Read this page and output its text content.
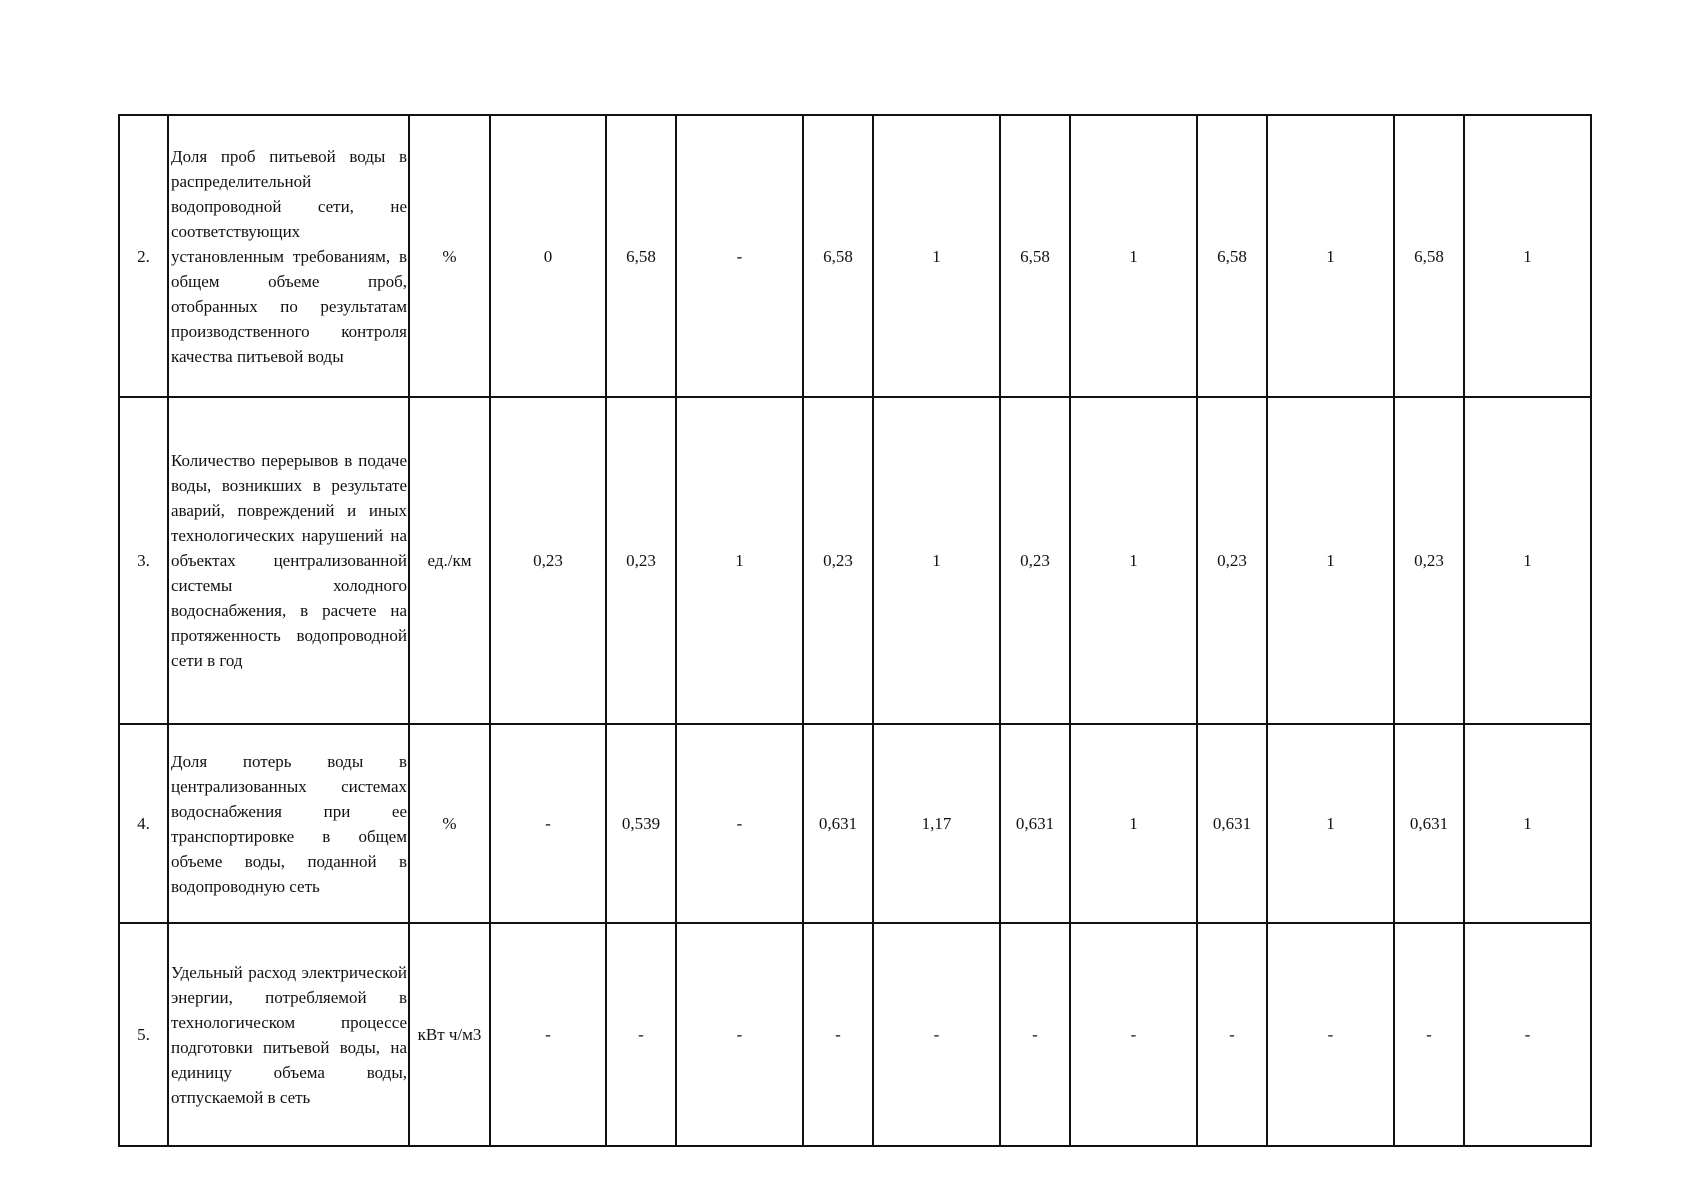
2.	Доля проб питьевой воды в распределительной водопроводной сети, не соответствующих установленным требованиям, в общем объеме проб, отобранных по результатам производственного контроля качества питьевой воды	%	0	6,58	-	6,58	1	6,58	1	6,58	1	6,58	1
3.	Количество перерывов в подаче воды, возникших в результате аварий, повреждений и иных технологических нарушений на объектах централизованной системы холодного водоснабжения, в расчете на протяженность водопроводной сети в год	ед./км	0,23	0,23	1	0,23	1	0,23	1	0,23	1	0,23	1
4.	Доля потерь воды в централизованных системах водоснабжения при ее транспортировке в общем объеме воды, поданной в водопроводную сеть	%	-	0,539	-	0,631	1,17	0,631	1	0,631	1	0,631	1
5.	Удельный расход электрической энергии, потребляемой в технологическом процессе подготовки питьевой воды, на единицу объема воды, отпускаемой в сеть	кВт ч/м3	-	-	-	-	-	-	-	-	-	-	-
